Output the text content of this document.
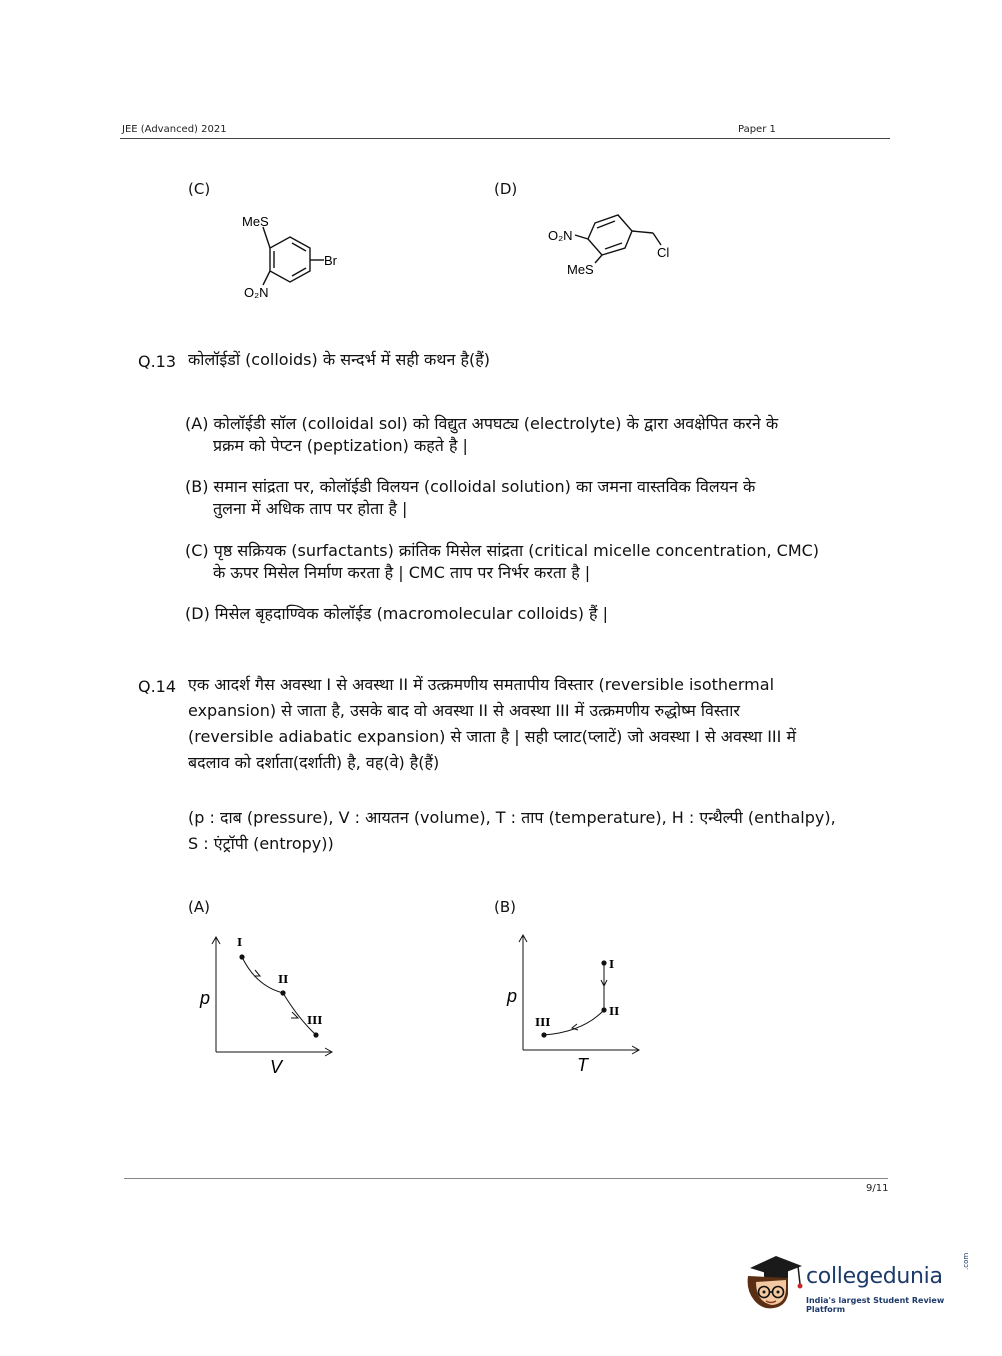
JEE (Advanced) 2021	Paper 1
(C)
MeS
Br
O₂N
(D)
O₂N
Cl
MeS
Q.13 कोलॉईडों (colloids) के सन्दर्भ में सही कथन है(हैं)
(A) कोलॉईडी सॉल (colloidal sol) को विद्युत अपघट्य (electrolyte) के द्वारा अवक्षेपित करने के
प्रक्रम को पेप्टन (peptization) कहते है |
(B) समान सांद्रता पर, कोलॉईडी विलयन (colloidal solution) का जमना वास्तविक विलयन के
तुलना में अधिक ताप पर होता है |
(C) पृष्ठ सक्रियक (surfactants) क्रांतिक मिसेल सांद्रता (critical micelle concentration, CMC)
के ऊपर मिसेल निर्माण करता है | CMC ताप पर निर्भर करता है |
(D) मिसेल बृहदाण्विक कोलॉईड (macromolecular colloids) हैं |
Q.14 एक आदर्श गैस अवस्था I से अवस्था II में उत्क्रमणीय समतापीय विस्तार (reversible isothermal
expansion) से जाता है, उसके बाद वो अवस्था II से अवस्था III में उत्क्रमणीय रुद्धोष्म विस्तार
(reversible adiabatic expansion) से जाता है | सही प्लाट(प्लाटें) जो अवस्था I से अवस्था III में
बदलाव को दर्शाता(दर्शाती) है, वह(वे) है(हैं)
(p : दाब (pressure), V : आयतन (volume), T : ताप (temperature), H : एन्थैल्पी (enthalpy),
S : एंट्रॉपी (entropy))
(A)
I
II
III
p
V
(B)
I
II
III
p
T
9/11
collegedunia
.com
India's largest Student Review Platform
